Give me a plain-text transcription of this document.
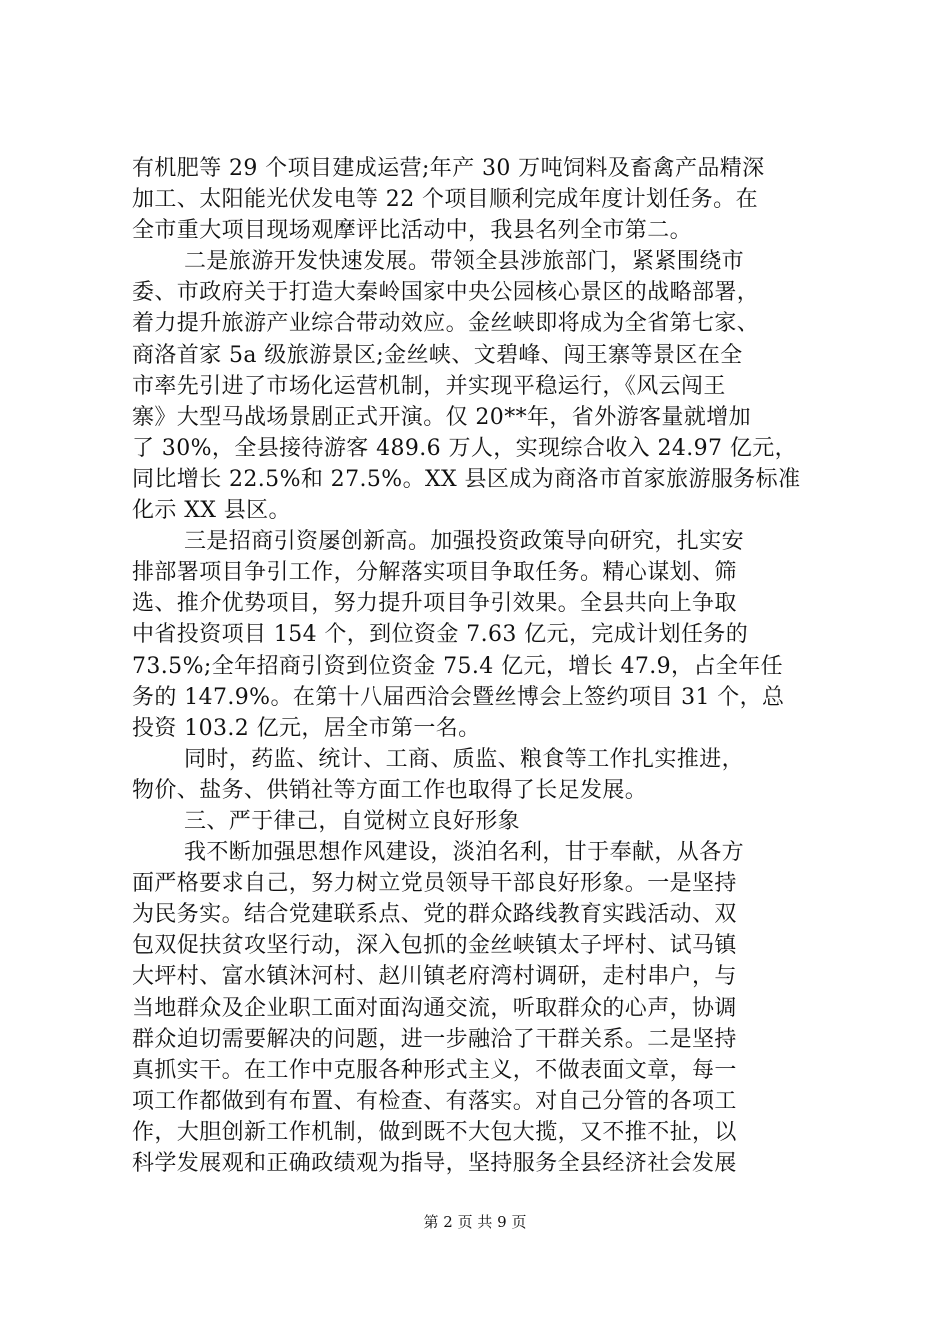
有机肥等 29 个项目建成运营;年产 30 万吨饲料及畜禽产品精深
加工、太阳能光伏发电等 22 个项目顺利完成年度计划任务。在
全市重大项目现场观摩评比活动中，我县名列全市第二。
二是旅游开发快速发展。带领全县涉旅部门，紧紧围绕市
委、市政府关于打造大秦岭国家中央公园核心景区的战略部署，
着力提升旅游产业综合带动效应。金丝峡即将成为全省第七家、
商洛首家 5a 级旅游景区;金丝峡、文碧峰、闯王寨等景区在全
市率先引进了市场化运营机制，并实现平稳运行，《风云闯王
寨》大型马战场景剧正式开演。仅 20**年，省外游客量就增加
了 30%，全县接待游客 489.6 万人，实现综合收入 24.97 亿元，
同比增长 22.5%和 27.5%。XX 县区成为商洛市首家旅游服务标准
化示 XX 县区。
三是招商引资屡创新高。加强投资政策导向研究，扎实安
排部署项目争引工作，分解落实项目争取任务。精心谋划、筛
选、推介优势项目，努力提升项目争引效果。全县共向上争取
中省投资项目 154 个，到位资金 7.63 亿元，完成计划任务的
73.5%;全年招商引资到位资金 75.4 亿元，增长 47.9，占全年任
务的 147.9%。在第十八届西洽会暨丝博会上签约项目 31 个，总
投资 103.2 亿元，居全市第一名。
同时，药监、统计、工商、质监、粮食等工作扎实推进，
物价、盐务、供销社等方面工作也取得了长足发展。
三、严于律己，自觉树立良好形象
我不断加强思想作风建设，淡泊名利，甘于奉献，从各方
面严格要求自己，努力树立党员领导干部良好形象。一是坚持
为民务实。结合党建联系点、党的群众路线教育实践活动、双
包双促扶贫攻坚行动，深入包抓的金丝峡镇太子坪村、试马镇
大坪村、富水镇沐河村、赵川镇老府湾村调研，走村串户，与
当地群众及企业职工面对面沟通交流，听取群众的心声，协调
群众迫切需要解决的问题，进一步融洽了干群关系。二是坚持
真抓实干。在工作中克服各种形式主义，不做表面文章，每一
项工作都做到有布置、有检查、有落实。对自己分管的各项工
作，大胆创新工作机制，做到既不大包大揽，又不推不扯，以
科学发展观和正确政绩观为指导，坚持服务全县经济社会发展
第 2 页 共 9 页
